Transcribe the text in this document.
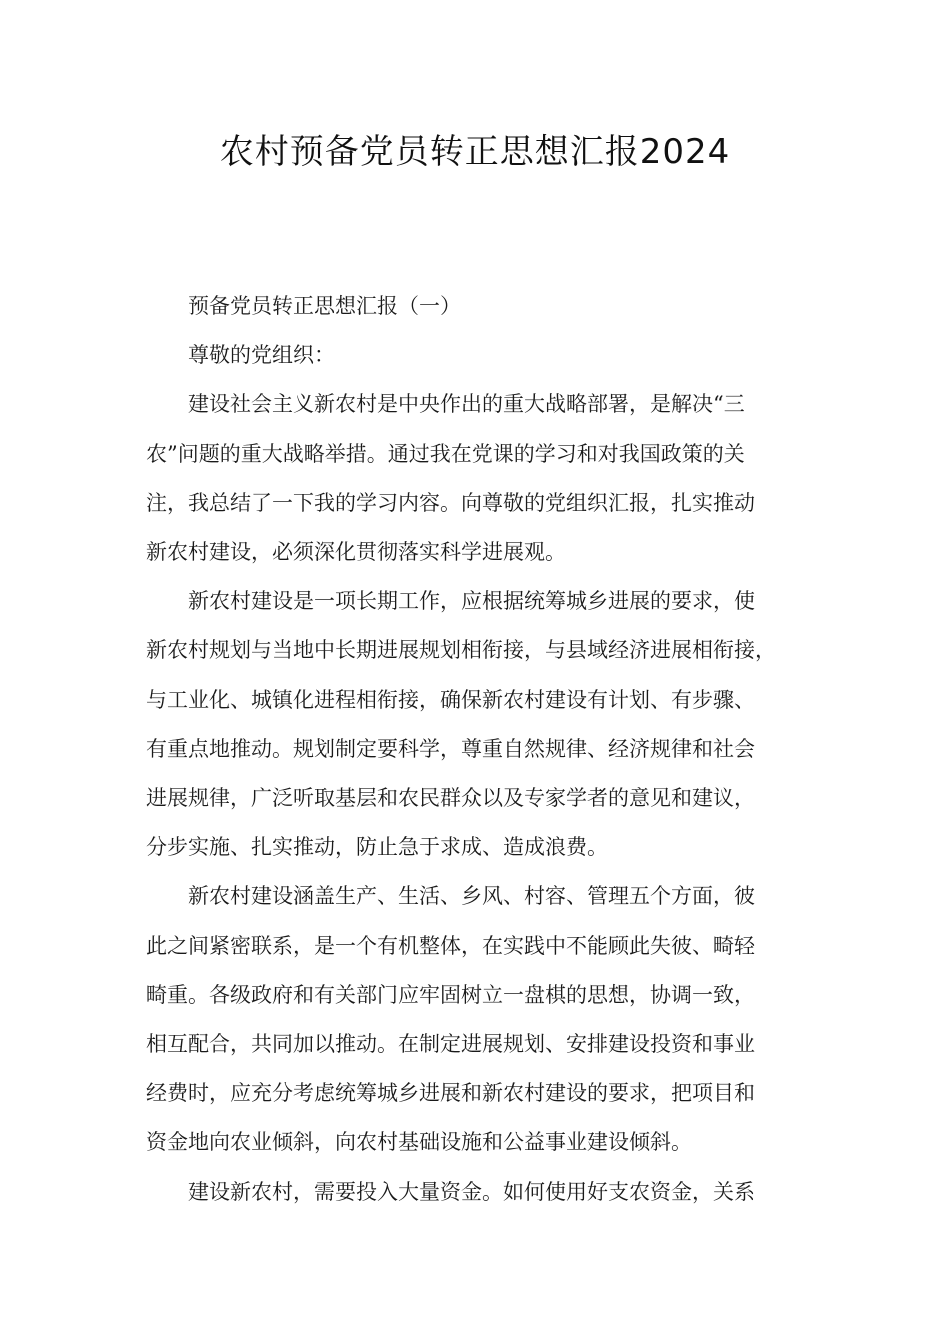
农村预备党员转正思想汇报2024

预备党员转正思想汇报（一）

尊敬的党组织：

建设社会主义新农村是中央作出的重大战略部署，是解决“三
农”问题的重大战略举措。通过我在党课的学习和对我国政策的关
注，我总结了一下我的学习内容。向尊敬的党组织汇报，扎实推动
新农村建设，必须深化贯彻落实科学进展观。

新农村建设是一项长期工作，应根据统筹城乡进展的要求，使
新农村规划与当地中长期进展规划相衔接，与县域经济进展相衔接，
与工业化、城镇化进程相衔接，确保新农村建设有计划、有步骤、
有重点地推动。规划制定要科学，尊重自然规律、经济规律和社会
进展规律，广泛听取基层和农民群众以及专家学者的意见和建议，
分步实施、扎实推动，防止急于求成、造成浪费。

新农村建设涵盖生产、生活、乡风、村容、管理五个方面，彼
此之间紧密联系，是一个有机整体，在实践中不能顾此失彼、畸轻
畸重。各级政府和有关部门应牢固树立一盘棋的思想，协调一致，
相互配合，共同加以推动。在制定进展规划、安排建设投资和事业
经费时，应充分考虑统筹城乡进展和新农村建设的要求，把项目和
资金地向农业倾斜，向农村基础设施和公益事业建设倾斜。

建设新农村，需要投入大量资金。如何使用好支农资金，关系
